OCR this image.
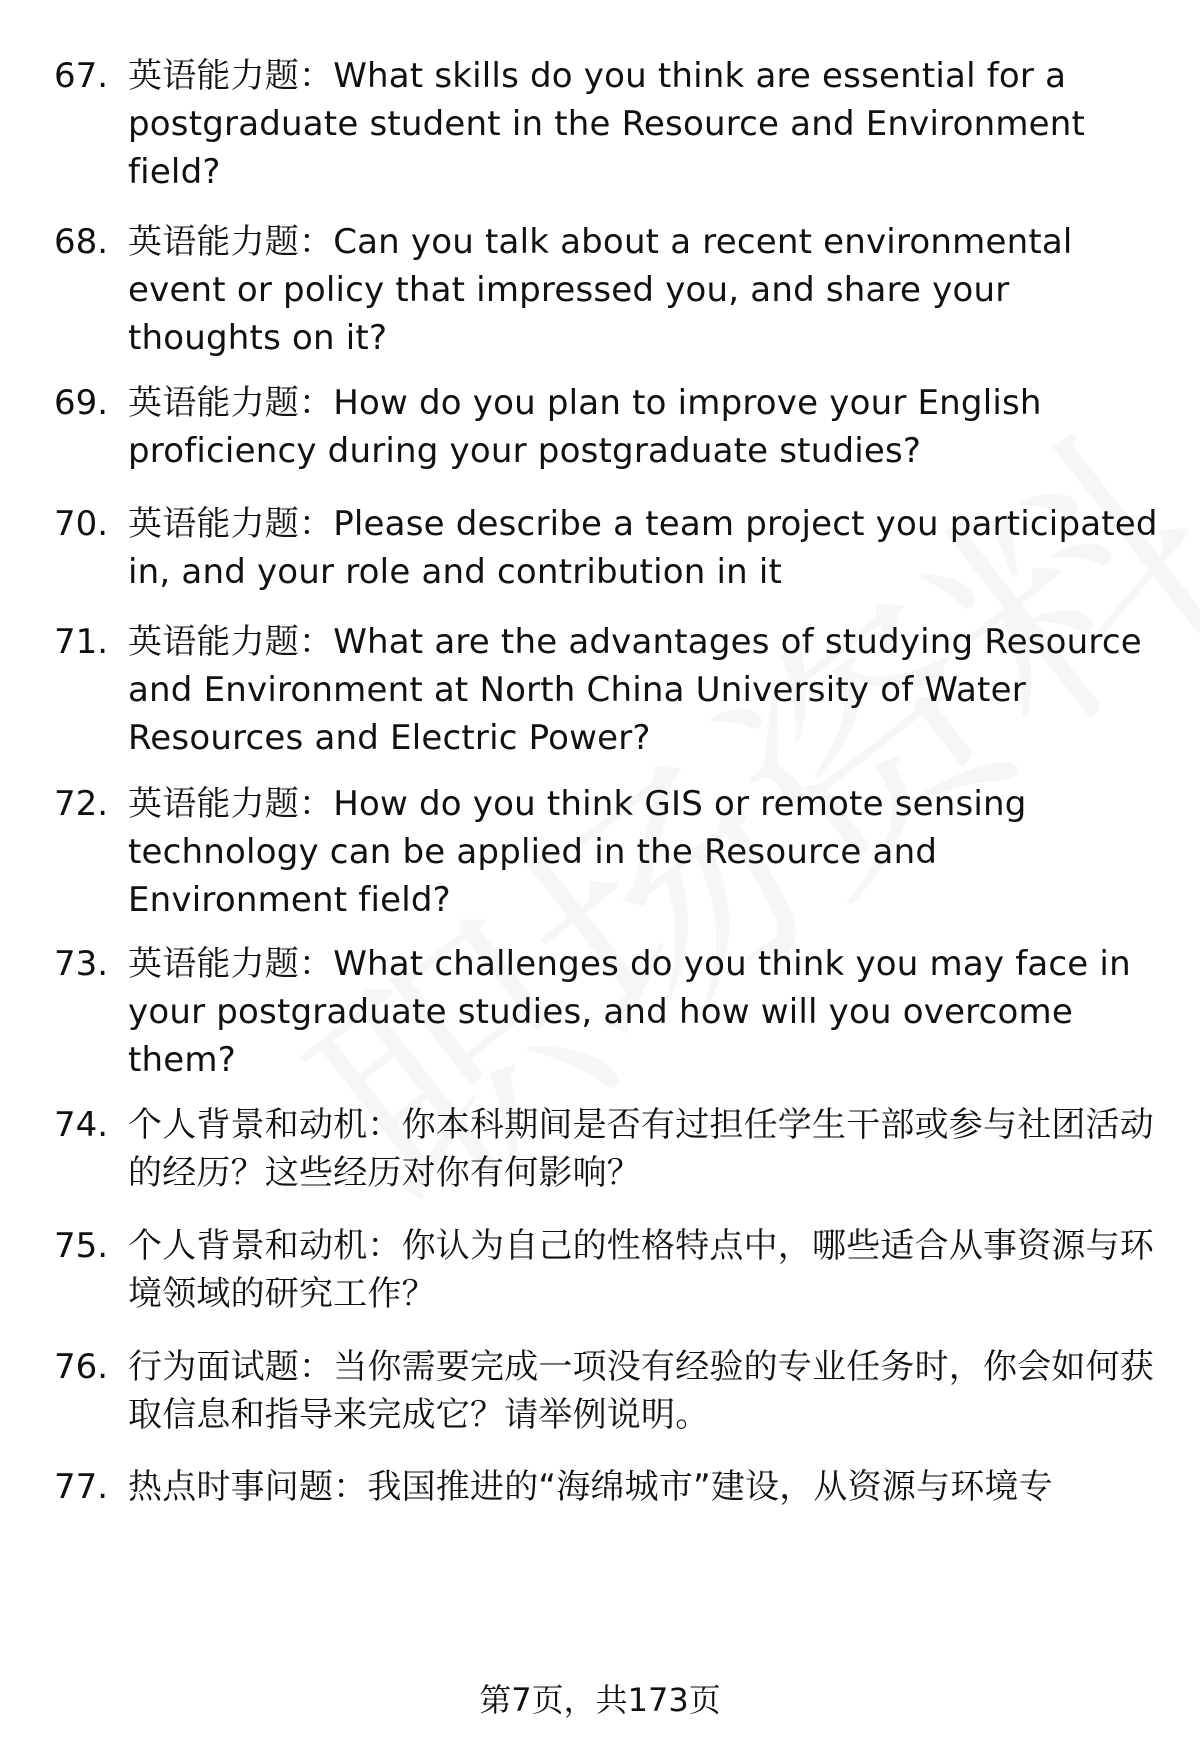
67. 英语能力题：What skills do you think are essential for a postgraduate student in the Resource and Environment field?
68. 英语能力题：Can you talk about a recent environmental event or policy that impressed you, and share your thoughts on it?
69. 英语能力题：How do you plan to improve your English proficiency during your postgraduate studies?
70. 英语能力题：Please describe a team project you participated in, and your role and contribution in it
71. 英语能力题：What are the advantages of studying Resource and Environment at North China University of Water Resources and Electric Power?
72. 英语能力题：How do you think GIS or remote sensing technology can be applied in the Resource and Environment field?
73. 英语能力题：What challenges do you think you may face in your postgraduate studies, and how will you overcome them?
74. 个人背景和动机：你本科期间是否有过担任学生干部或参与社团活动的经历？这些经历对你有何影响？
75. 个人背景和动机：你认为自己的性格特点中，哪些适合从事资源与环境领域的研究工作？
76. 行为面试题：当你需要完成一项没有经验的专业任务时，你会如何获取信息和指导来完成它？请举例说明。
77. 热点时事问题：我国推进的“海绵城市”建设，从资源与环境专
第7页，共173页
